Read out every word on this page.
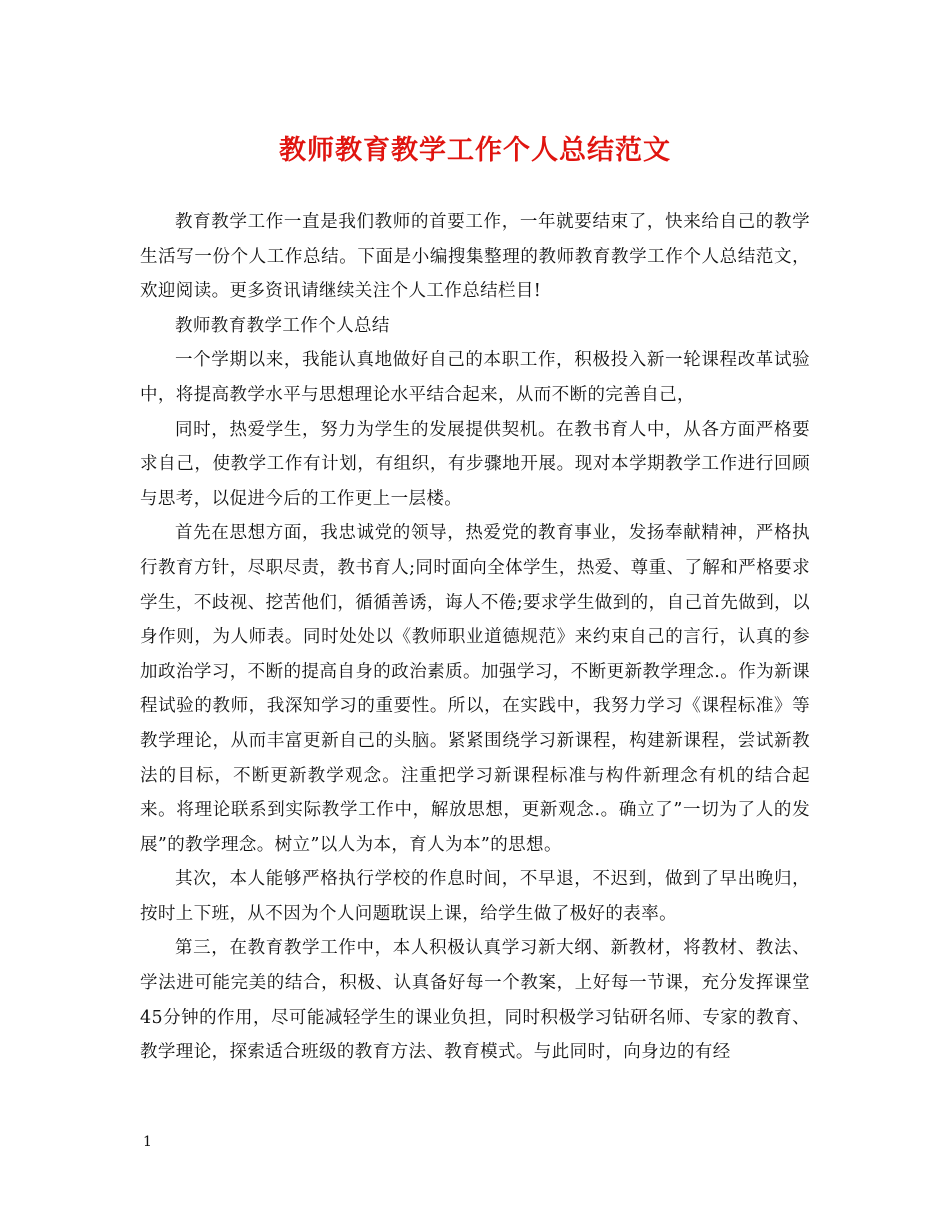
教师教育教学工作个人总结范文

教育教学工作一直是我们教师的首要工作，一年就要结束了，快来给自己的教学生活写一份个人工作总结。下面是小编搜集整理的教师教育教学工作个人总结范文，欢迎阅读。更多资讯请继续关注个人工作总结栏目!

教师教育教学工作个人总结

一个学期以来，我能认真地做好自己的本职工作，积极投入新一轮课程改革试验中，将提高教学水平与思想理论水平结合起来，从而不断的完善自己，

同时，热爱学生，努力为学生的发展提供契机。在教书育人中，从各方面严格要求自己，使教学工作有计划，有组织，有步骤地开展。现对本学期教学工作进行回顾与思考，以促进今后的工作更上一层楼。

首先在思想方面，我忠诚党的领导，热爱党的教育事业，发扬奉献精神，严格执行教育方针，尽职尽责，教书育人;同时面向全体学生，热爱、尊重、了解和严格要求学生，不歧视、挖苦他们，循循善诱，诲人不倦;要求学生做到的，自己首先做到，以身作则，为人师表。同时处处以《教师职业道德规范》来约束自己的言行，认真的参加政治学习，不断的提高自身的政治素质。加强学习，不断更新教学理念.。作为新课程试验的教师，我深知学习的重要性。所以，在实践中，我努力学习《课程标准》等教学理论，从而丰富更新自己的头脑。紧紧围绕学习新课程，构建新课程，尝试新教法的目标，不断更新教学观念。注重把学习新课程标准与构件新理念有机的结合起来。将理论联系到实际教学工作中，解放思想，更新观念.。确立了”一切为了人的发展”的教学理念。树立”以人为本，育人为本”的思想。

其次，本人能够严格执行学校的作息时间，不早退，不迟到，做到了早出晚归，按时上下班，从不因为个人问题耽误上课，给学生做了极好的表率。

第三，在教育教学工作中，本人积极认真学习新大纲、新教材，将教材、教法、学法进可能完美的结合，积极、认真备好每一个教案，上好每一节课，充分发挥课堂45分钟的作用，尽可能减轻学生的课业负担，同时积极学习钻研名师、专家的教育、教学理论，探索适合班级的教育方法、教育模式。与此同时，向身边的有经

1
